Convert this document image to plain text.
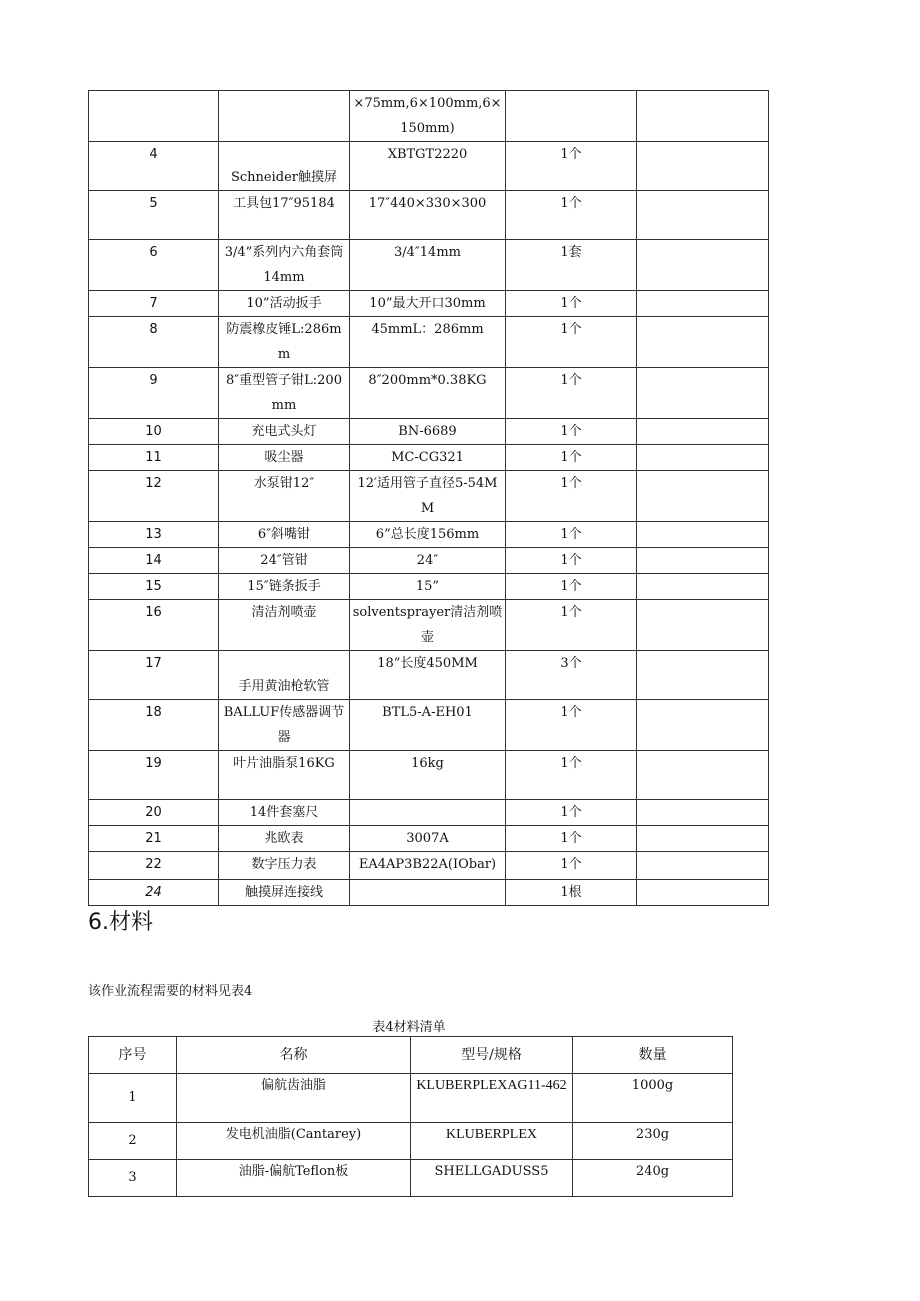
		×75mm,6×100mm,6×150mm)		
4	Schneider触摸屏	XBTGT2220	1个	
5	工具包17″95184	17″440×330×300	1个	
6	3/4”系列内六角套筒14mm	3/4″14mm	1套	
7	10”活动扳手	10”最大开口30mm	1个	
8	防震橡皮锤L:286mm	45mmL：286mm	1个	
9	8″重型管子钳L:200mm	8″200mm*0.38KG	1个	
10	充电式头灯	BN-6689	1个	
11	吸尘器	MC-CG321	1个	
12	水泵钳12″	12′适用管子直径5-54MM	1个	
13	6″斜嘴钳	6”总长度156mm	1个	
14	24″管钳	24″	1个	
15	15″链条扳手	15”	1个	
16	清洁剂喷壶	solventsprayer清洁剂喷壶	1个	
17	手用黄油枪软管	18”长度450MM	3个	
18	BALLUF传感器调节器	BTL5-A-EH01	1个	
19	叶片油脂泵16KG	16kg	1个	
20	14件套塞尺		1个	
21	兆欧表	3007A	1个	
22	数字压力表	EA4AP3B22A(IObar)	1个	
24	触摸屏连接线		1根	
6.材料

该作业流程需要的材料见表4

表4材料清单

序号	名称	型号/规格	数量
1	偏航齿油脂	KLUBERPLEXAG11-462	1000g
2	发电机油脂(Cantarey)	KLUBERPLEX	230g
3	油脂-偏航Teflon板	SHELLGADUSS5	240g
